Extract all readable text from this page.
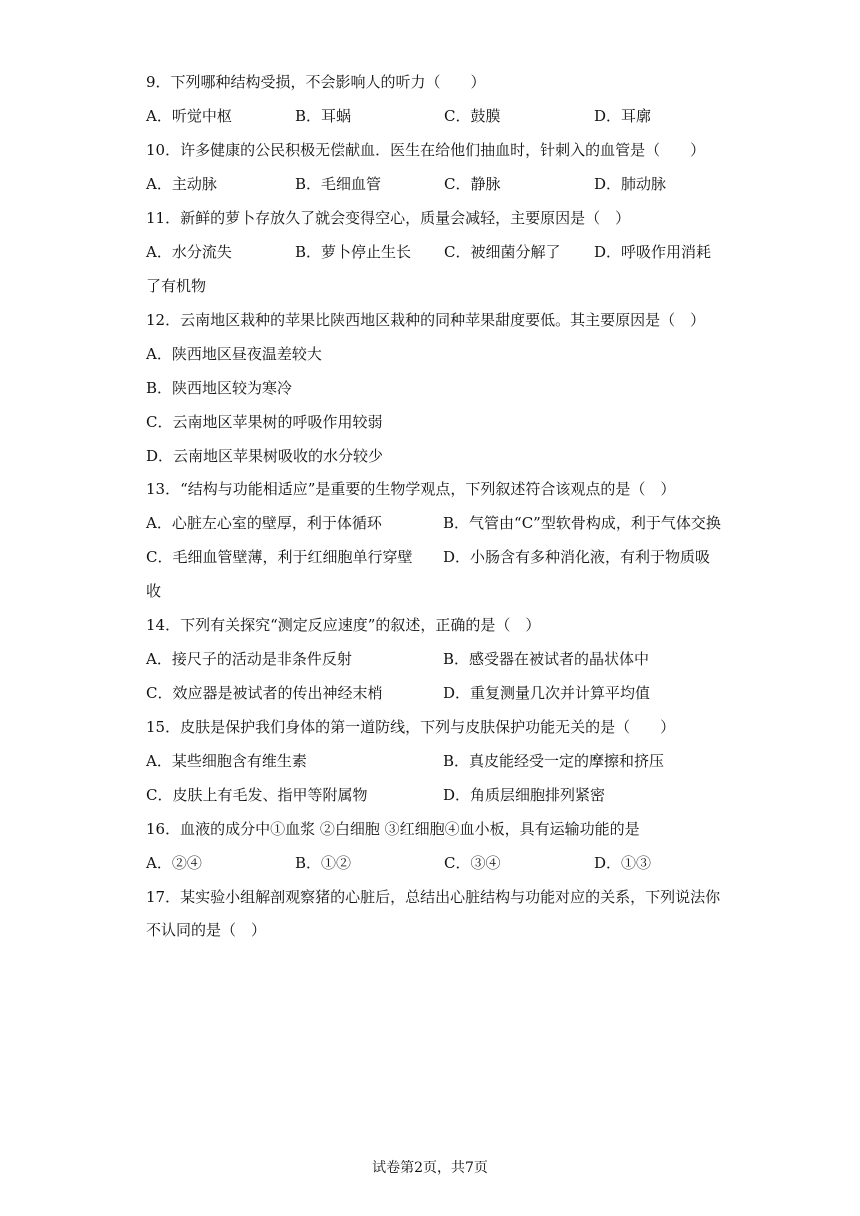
9．下列哪种结构受损，不会影响人的听力（　　）
A．听觉中枢	B．耳蜗	C．鼓膜	D．耳廓
10．许多健康的公民积极无偿献血．医生在给他们抽血时，针刺入的血管是（　　）
A．主动脉	B．毛细血管	C．静脉	D．肺动脉
11．新鲜的萝卜存放久了就会变得空心，质量会减轻，主要原因是（　）
A．水分流失	B．萝卜停止生长 C．被细菌分解了 D．呼吸作用消耗
了有机物
12．云南地区栽种的苹果比陕西地区栽种的同种苹果甜度要低。其主要原因是（　）
A．陕西地区昼夜温差较大
B．陕西地区较为寒冷
C．云南地区苹果树的呼吸作用较弱
D．云南地区苹果树吸收的水分较少
13．“结构与功能相适应”是重要的生物学观点，下列叙述符合该观点的是（　）
A．心脏左心室的壁厚，利于体循环	B．气管由“C”型软骨构成，利于气体交换
C．毛细血管壁薄，利于红细胞单行穿壁 D．小肠含有多种消化液，有利于物质吸
收
14．下列有关探究“测定反应速度”的叙述，正确的是（　）
A．接尺子的活动是非条件反射	B．感受器在被试者的晶状体中
C．效应器是被试者的传出神经末梢	D．重复测量几次并计算平均值
15．皮肤是保护我们身体的第一道防线，下列与皮肤保护功能无关的是（　　）
A．某些细胞含有维生素	B．真皮能经受一定的摩擦和挤压
C．皮肤上有毛发、指甲等附属物	D．角质层细胞排列紧密
16．血液的成分中①血浆 ②白细胞 ③红细胞④血小板，具有运输功能的是
A．②④	B．①②	C．③④	D．①③
17．某实验小组解剖观察猪的心脏后，总结出心脏结构与功能对应的关系，下列说法你
不认同的是（　）
试卷第2页，共7页
